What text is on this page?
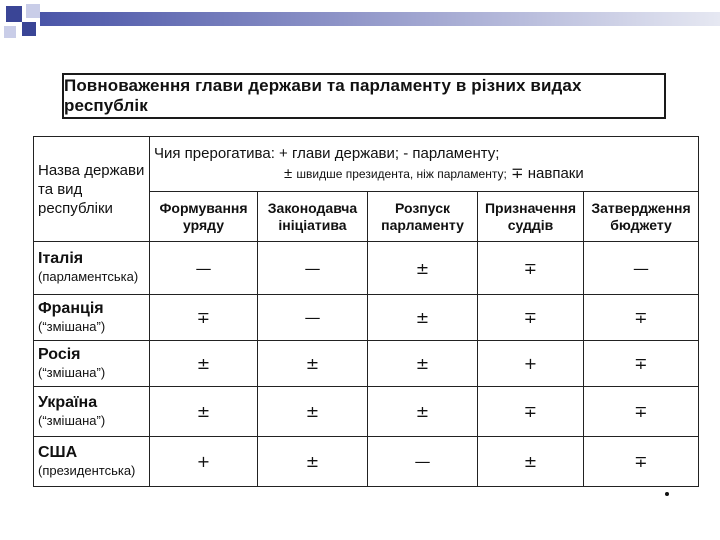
Повноваження глави держави та парламенту в різних видах республік
Назва держави та вид республіки	Чия прерогатива: + глави держави; - парламенту;
± швидше президента, ніж парламенту; ∓ навпаки				

	Формування уряду	Законодавча ініціатива	Розпуск парламенту	Призначення суддів	Затвердження бюджету

Італія
(парламентська)	—	—	±	∓	—

Франція
(“змішана”)	∓	—	±	∓	∓

Росія
(“змішана”)	±	±	±	+	∓

Україна
(“змішана”)	±	±	±	∓	∓

США
(президентська)	+	±	—	±	∓
